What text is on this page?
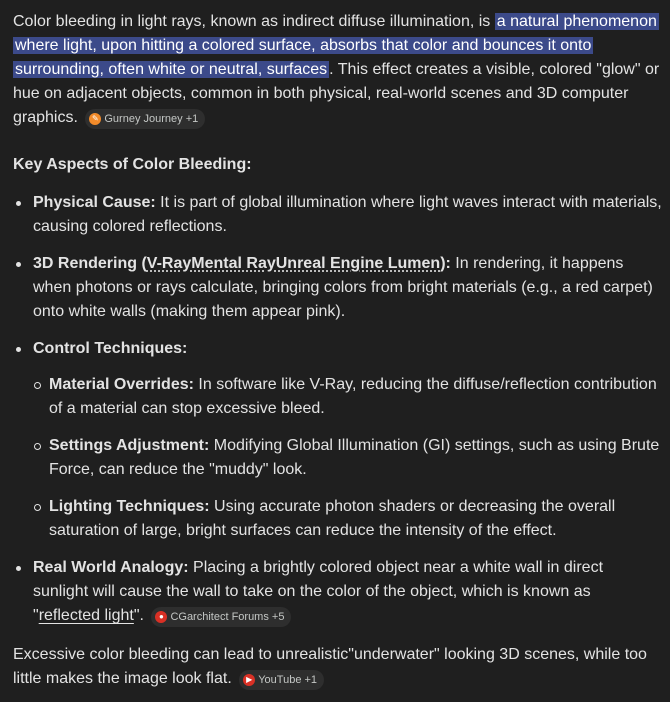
Color bleeding in light rays, known as indirect diffuse illumination, is a natural phenomenon where light, upon hitting a colored surface, absorbs that color and bounces it onto surrounding, often white or neutral, surfaces . This effect creates a visible, colored "glow" or hue on adjacent objects, common in both physical, real-world scenes and 3D computer graphics.	✎ Gurney Journey +1

Key Aspects of Color Bleeding:

Physical Cause: It is part of global illumination where light waves interact with materials, causing colored reflections.
3D Rendering (V-RayMental RayUnreal Engine Lumen): In rendering, it happens when photons or rays calculate, bringing colors from bright materials (e.g., a red carpet) onto white walls (making them appear pink).
Control Techniques:
Material Overrides: In software like V-Ray, reducing the diffuse/reflection contribution of a material can stop excessive bleed.
Settings Adjustment: Modifying Global Illumination (GI) settings, such as using Brute Force, can reduce the "muddy" look.
Lighting Techniques: Using accurate photon shaders or decreasing the overall saturation of large, bright surfaces can reduce the intensity of the effect.
Real World Analogy: Placing a brightly colored object near a white wall in direct sunlight will cause the wall to take on the color of the object, which is known as "reflected light".	● CGarchitect Forums +5

Excessive color bleeding can lead to unrealistic"underwater" looking 3D scenes, while too little makes the image look flat.	▶ YouTube +1
